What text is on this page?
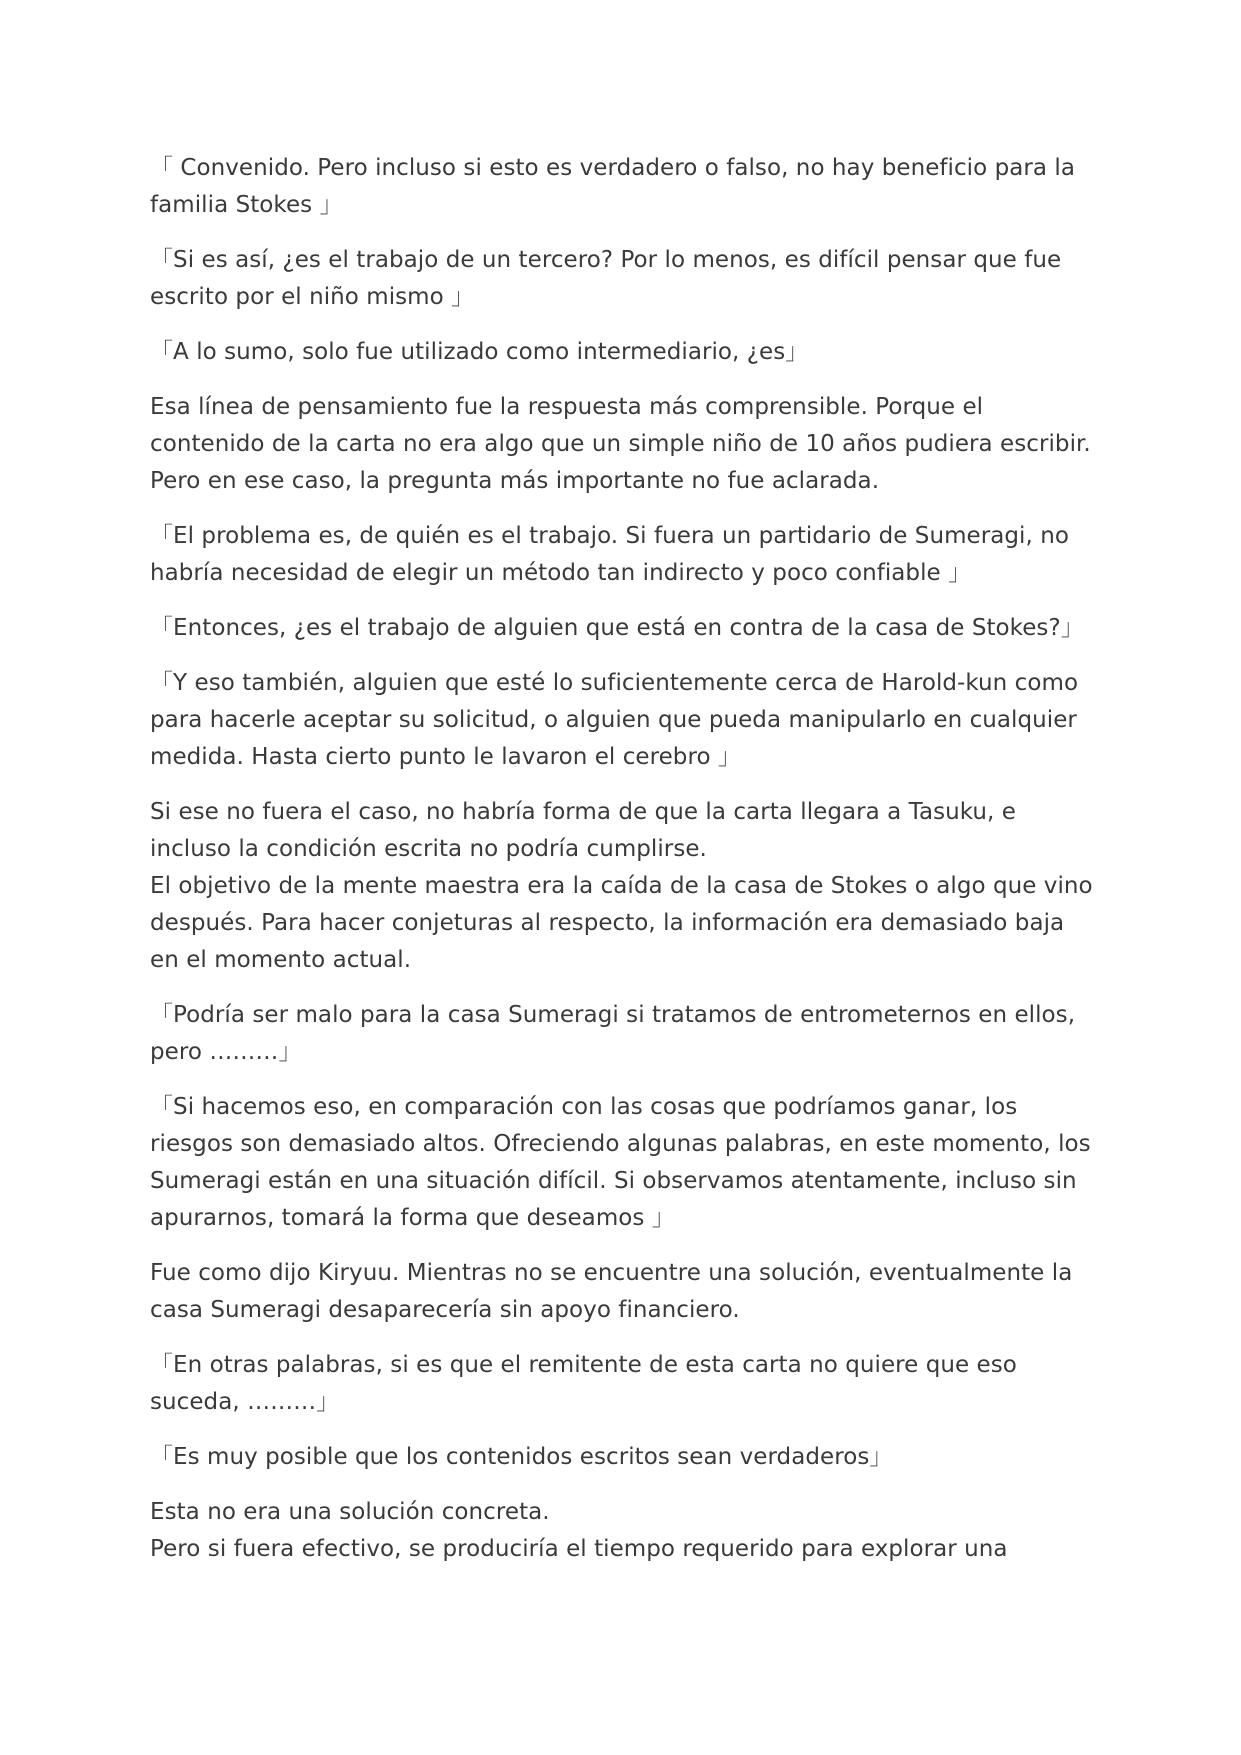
「 Convenido. Pero incluso si esto es verdadero o falso, no hay beneficio para la familia Stokes 」

「Si es así, ¿es el trabajo de un tercero? Por lo menos, es difícil pensar que fue escrito por el niño mismo 」

「A lo sumo, solo fue utilizado como intermediario, ¿es」

Esa línea de pensamiento fue la respuesta más comprensible. Porque el contenido de la carta no era algo que un simple niño de 10 años pudiera escribir.
Pero en ese caso, la pregunta más importante no fue aclarada.

「El problema es, de quién es el trabajo. Si fuera un partidario de Sumeragi, no habría necesidad de elegir un método tan indirecto y poco confiable 」

「Entonces, ¿es el trabajo de alguien que está en contra de la casa de Stokes?」

「Y eso también, alguien que esté lo suficientemente cerca de Harold-kun como para hacerle aceptar su solicitud, o alguien que pueda manipularlo en cualquier medida. Hasta cierto punto le lavaron el cerebro 」

Si ese no fuera el caso, no habría forma de que la carta llegara a Tasuku, e incluso la condición escrita no podría cumplirse.
El objetivo de la mente maestra era la caída de la casa de Stokes o algo que vino después. Para hacer conjeturas al respecto, la información era demasiado baja en el momento actual.

「Podría ser malo para la casa Sumeragi si tratamos de entrometernos en ellos, pero ………」

「Si hacemos eso, en comparación con las cosas que podríamos ganar, los riesgos son demasiado altos. Ofreciendo algunas palabras, en este momento, los Sumeragi están en una situación difícil. Si observamos atentamente, incluso sin apurarnos, tomará la forma que deseamos 」

Fue como dijo Kiryuu. Mientras no se encuentre una solución, eventualmente la casa Sumeragi desaparecería sin apoyo financiero.

「En otras palabras, si es que el remitente de esta carta no quiere que eso suceda, ………」

「Es muy posible que los contenidos escritos sean verdaderos」

Esta no era una solución concreta.
Pero si fuera efectivo, se produciría el tiempo requerido para explorar una
